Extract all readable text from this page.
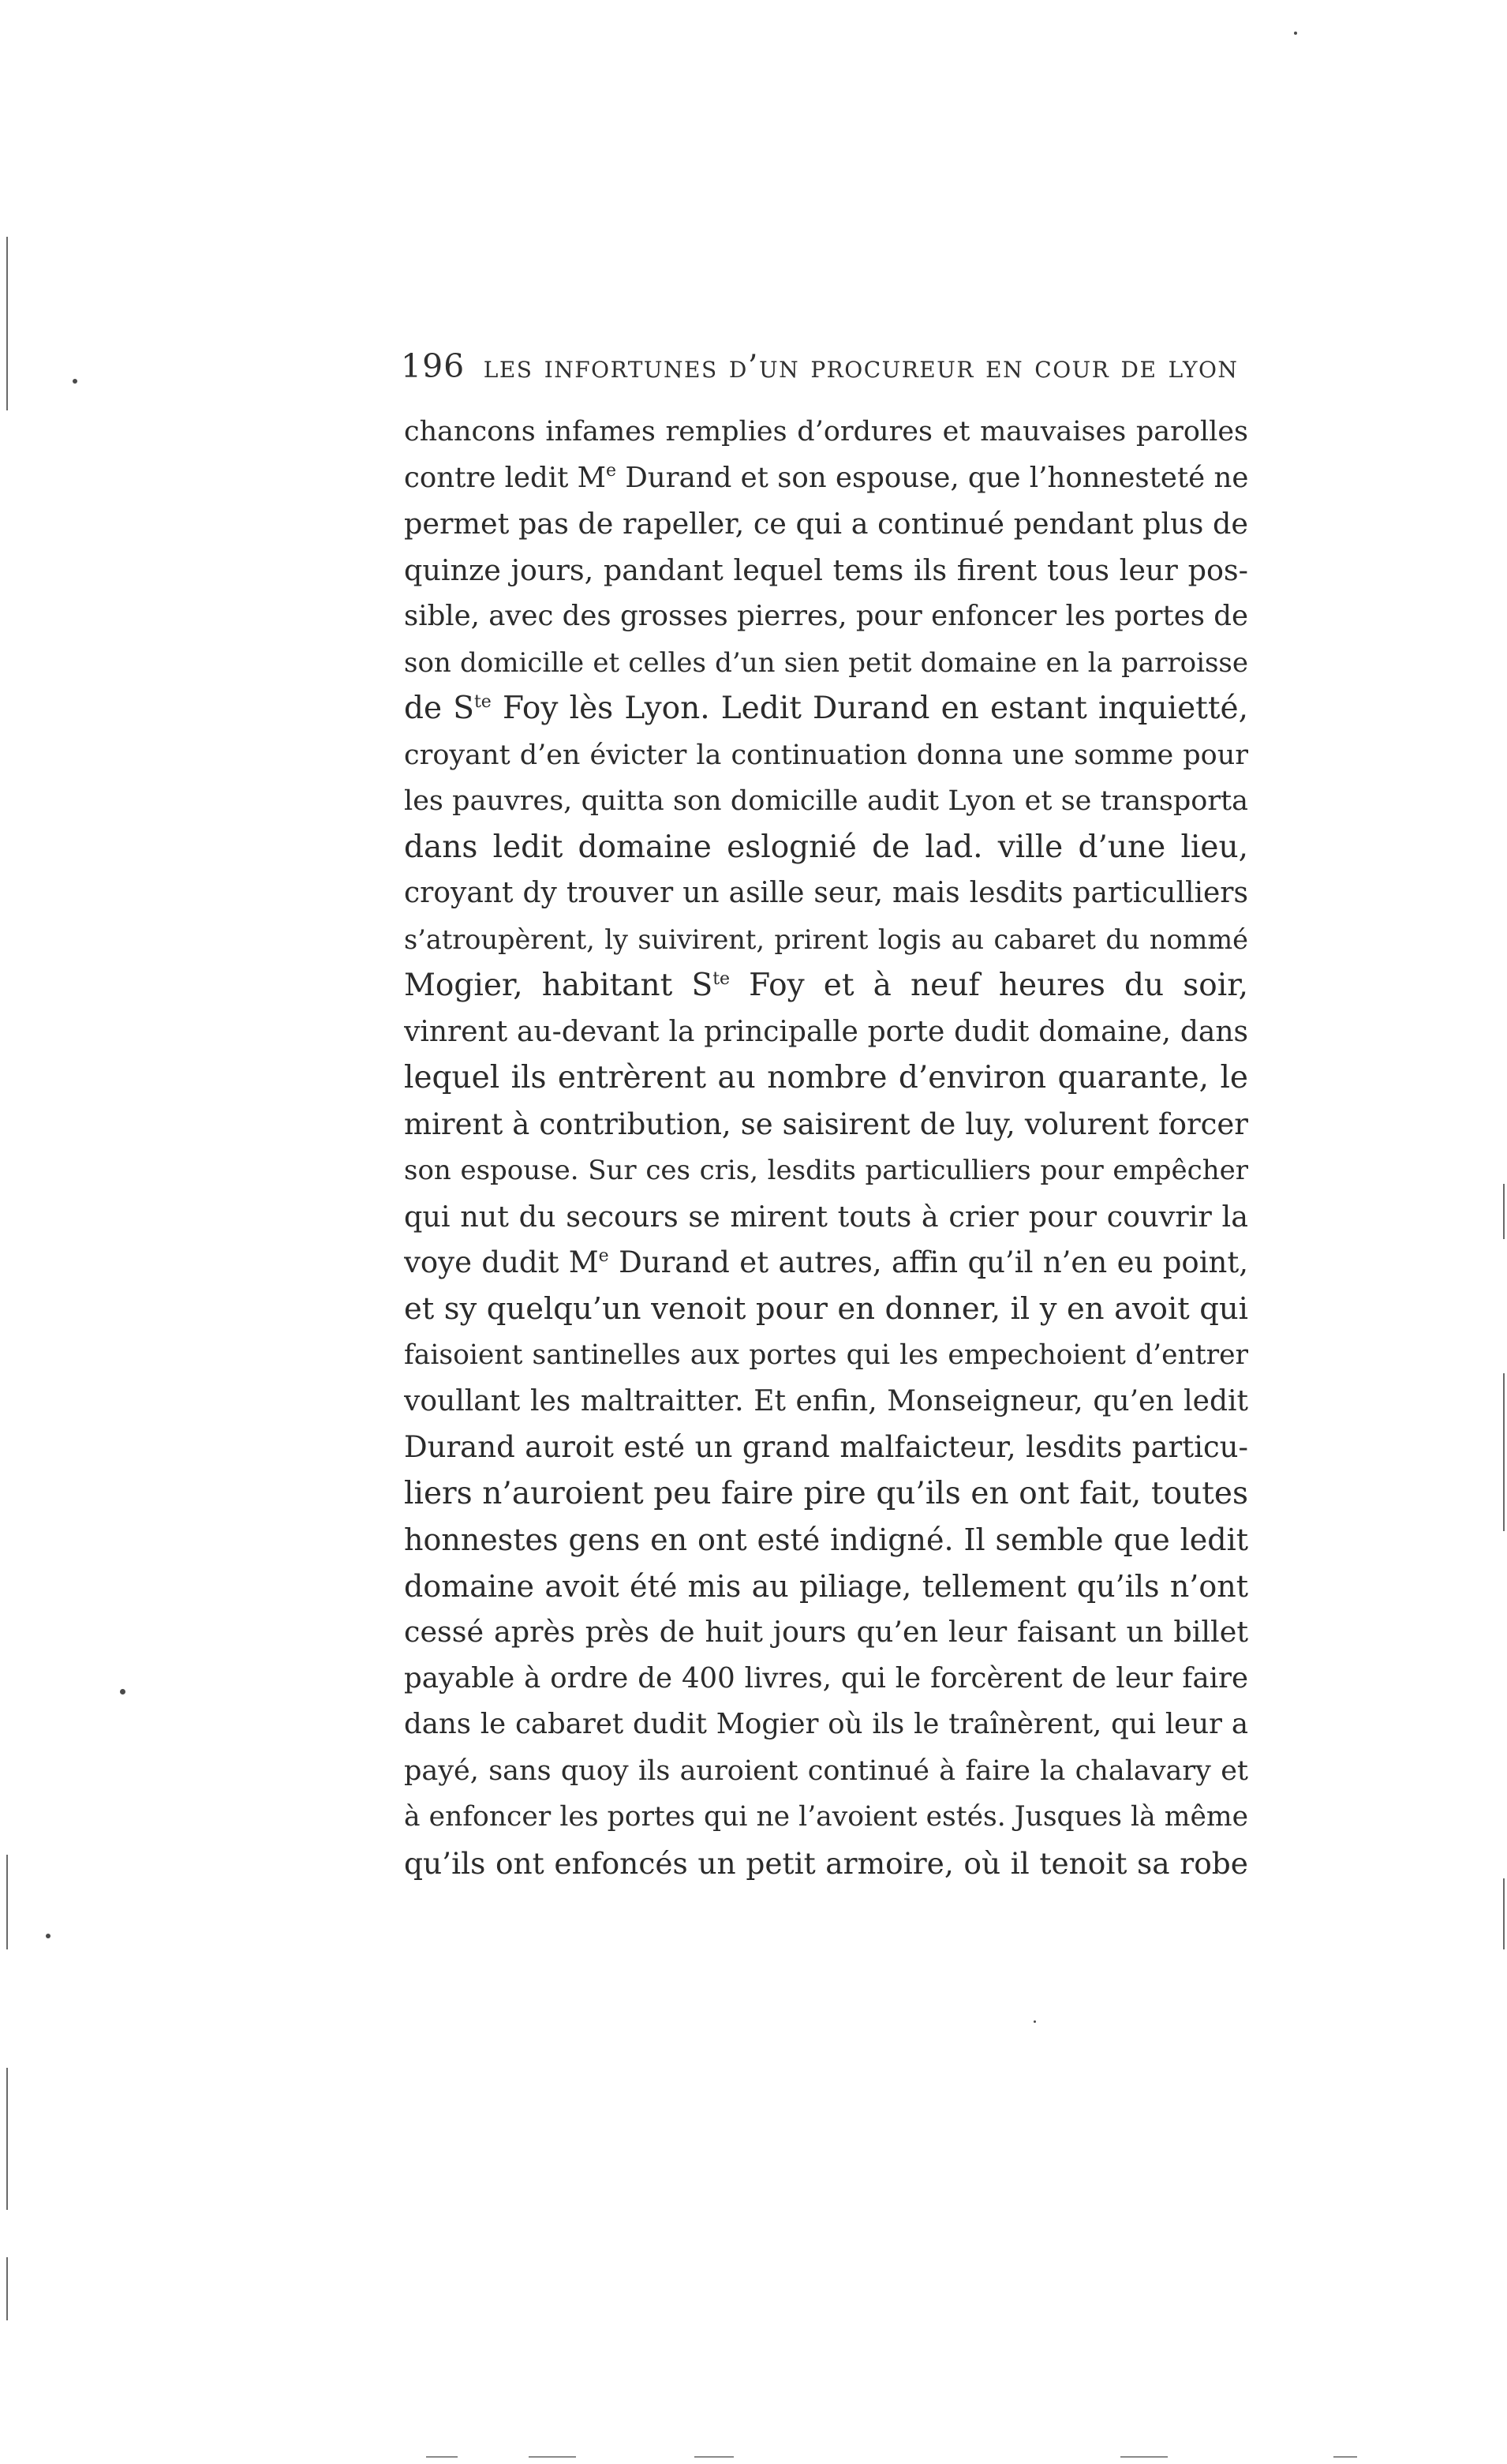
196 les infortunes d’un procureur en cour de lyon
chancons infames remplies d’ordures et mauvaises parolles
contre ledit Me Durand et son espouse, que l’honnesteté ne
permet pas de rapeller, ce qui a continué pendant plus de
quinze jours, pandant lequel tems ils firent tous leur pos-
sible, avec des grosses pierres, pour enfoncer les portes de
son domicille et celles d’un sien petit domaine en la parroisse
de $S^{te}$ Foy lès Lyon. Ledit Durand en estant inquietté,
croyant d’en évicter la continuation donna une somme pour
les pauvres, quitta son domicille audit Lyon et se transporta
dans ledit domaine eslognié de lad. ville d’une lieu,
croyant dy trouver un asille seur, mais lesdits particulliers
s’atroupèrent, ly suivirent, prirent logis au cabaret du nommé
Mogier, habitant $S^{te}$ Foy et à neuf heures du soir,
vinrent au-devant la principalle porte dudit domaine, dans
lequel ils entrèrent au nombre d’environ quarante, le
mirent à contribution, se saisirent de luy, volurent forcer
son espouse. Sur ces cris, lesdits particulliers pour empêcher
qui nut du secours se mirent touts à crier pour couvrir la
voye dudit Me Durand et autres, affin qu’il n’en eu point,
et sy quelqu’un venoit pour en donner, il y en avoit qui
faisoient santinelles aux portes qui les empechoient d’entrer
voullant les maltraitter. Et enfin, Monseigneur, qu’en ledit
Durand auroit esté un grand malfaicteur, lesdits particu-
liers n’auroient peu faire pire qu’ils en ont fait, toutes
honnestes gens en ont esté indigné. Il semble que ledit
domaine avoit été mis au piliage, tellement qu’ils n’ont
cessé après près de huit jours qu’en leur faisant un billet
payable à ordre de 400 livres, qui le forcèrent de leur faire
dans le cabaret dudit Mogier où ils le traînèrent, qui leur a
payé, sans quoy ils auroient continué à faire la chalavary et
à enfoncer les portes qui ne l’avoient estés. Jusques là même
qu’ils ont enfoncés un petit armoire, où il tenoit sa robe
